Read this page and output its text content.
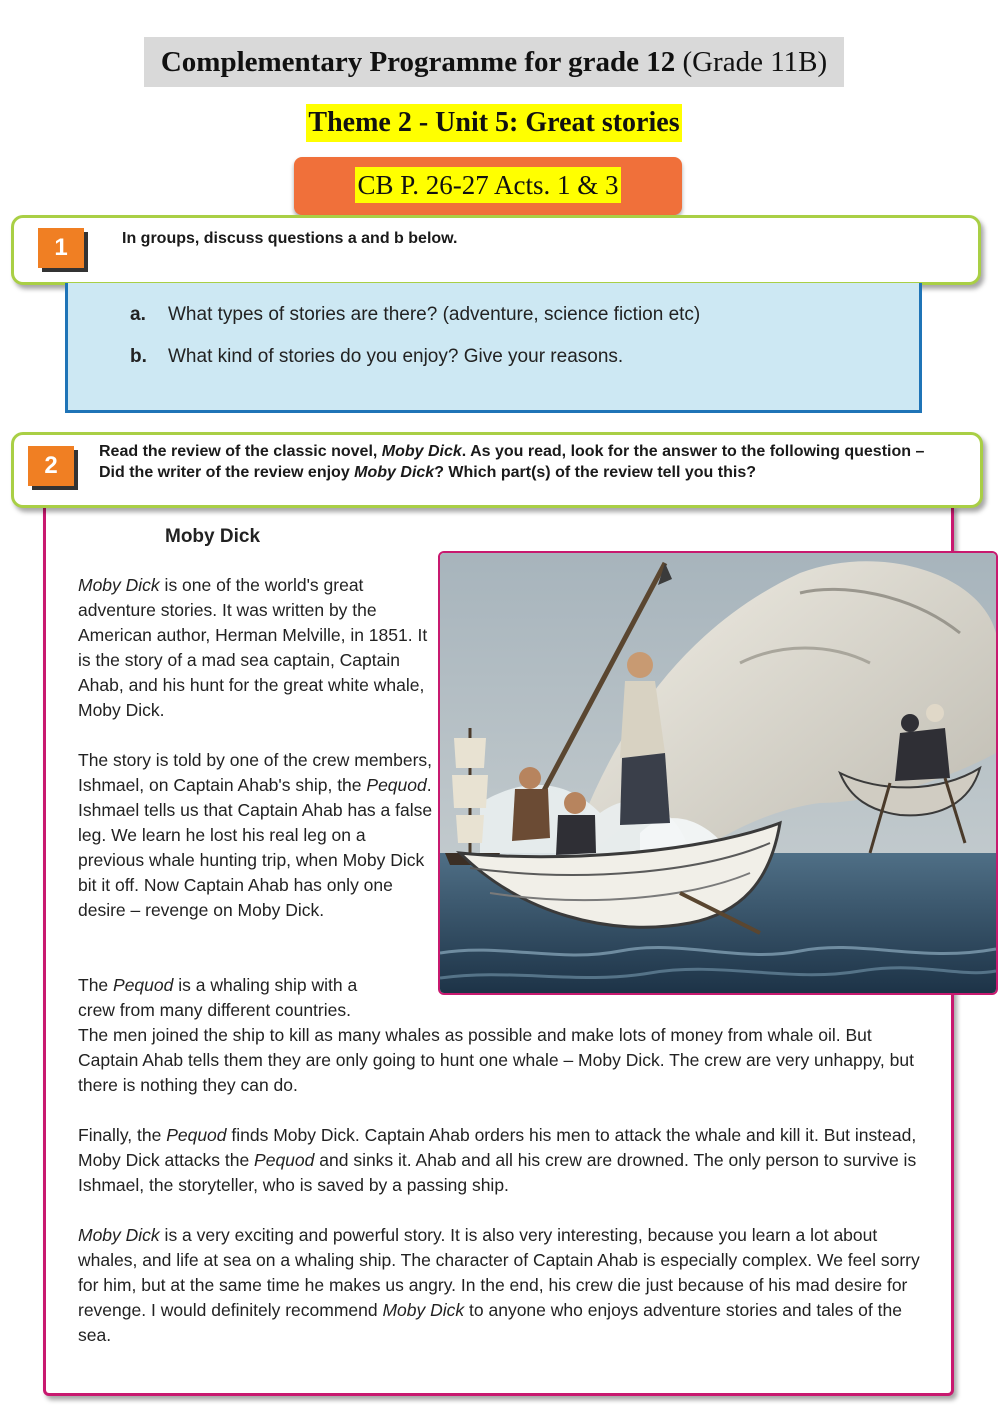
Complementary Programme for grade 12 (Grade 11B)
Theme 2 - Unit 5: Great stories
CB P. 26-27 Acts. 1 & 3
1	In groups, discuss questions a and b below.
a. What types of stories are there? (adventure, science fiction etc)
b. What kind of stories do you enjoy? Give your reasons.
2
Read the review of the classic novel, Moby Dick. As you read, look for the answer to the following question – Did the writer of the review enjoy Moby Dick? Which part(s) of the review tell you this?
Moby Dick

Moby Dick is one of the world's great adventure stories. It was written by the American author, Herman Melville, in 1851. It is the story of a mad sea captain, Captain Ahab, and his hunt for the great white whale, Moby Dick.

The story is told by one of the crew members, Ishmael, on Captain Ahab's ship, the Pequod. Ishmael tells us that Captain Ahab has a false leg. We learn he lost his real leg on a previous whale hunting trip, when Moby Dick bit it off. Now Captain Ahab has only one desire – revenge on Moby Dick.

The Pequod is a whaling ship with a
crew from many different countries.
The men joined the ship to kill as many whales as possible and make lots of money from whale oil. But Captain Ahab tells them they are only going to hunt one whale – Moby Dick. The crew are very unhappy, but there is nothing they can do.

Finally, the Pequod finds Moby Dick. Captain Ahab orders his men to attack the whale and kill it. But instead, Moby Dick attacks the Pequod and sinks it. Ahab and all his crew are drowned. The only person to survive is Ishmael, the storyteller, who is saved by a passing ship.

Moby Dick is a very exciting and powerful story. It is also very interesting, because you learn a lot about whales, and life at sea on a whaling ship. The character of Captain Ahab is especially complex. We feel sorry for him, but at the same time he makes us angry. In the end, his crew die just because of his mad desire for revenge. I would definitely recommend Moby Dick to anyone who enjoys adventure stories and tales of the sea.
